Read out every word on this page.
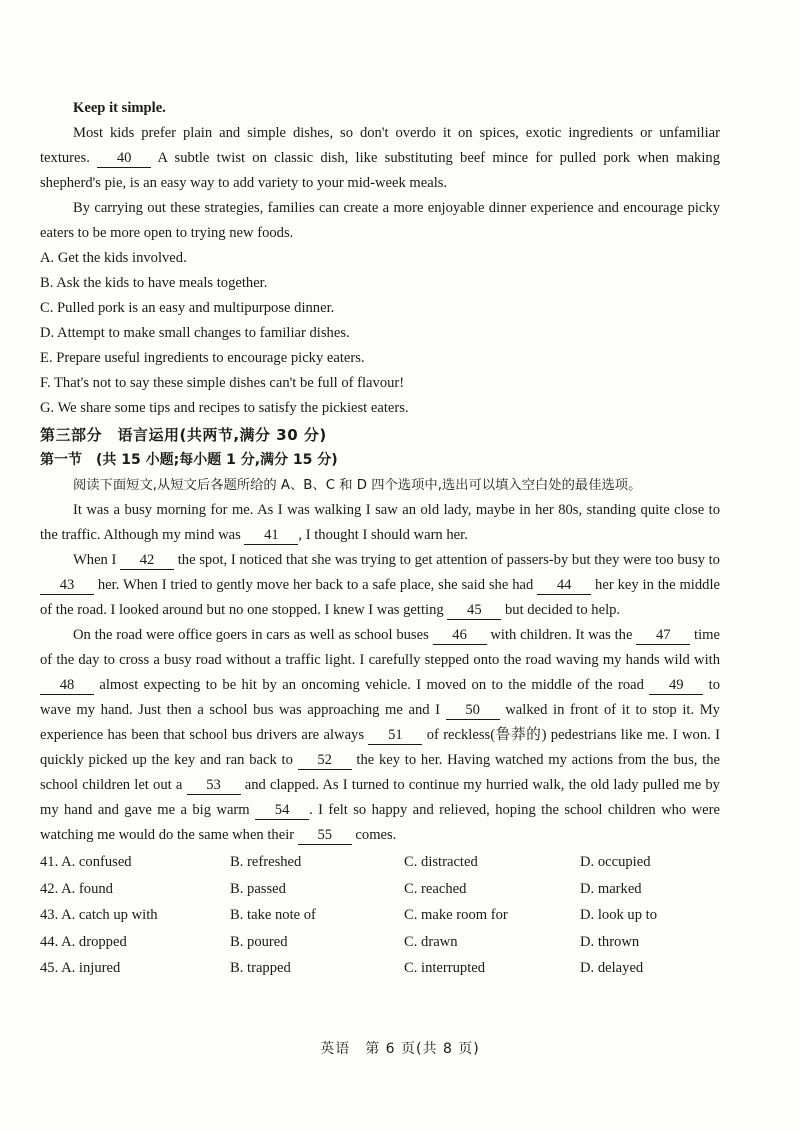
Keep it simple.

Most kids prefer plain and simple dishes, so don't overdo it on spices, exotic ingredients or unfamiliar textures. 40 A subtle twist on classic dish, like substituting beef mince for pulled pork when making shepherd's pie, is an easy way to add variety to your mid-week meals.

By carrying out these strategies, families can create a more enjoyable dinner experience and encourage picky eaters to be more open to trying new foods.

A. Get the kids involved.

B. Ask the kids to have meals together.

C. Pulled pork is an easy and multipurpose dinner.

D. Attempt to make small changes to familiar dishes.

E. Prepare useful ingredients to encourage picky eaters.

F. That's not to say these simple dishes can't be full of flavour!

G. We share some tips and recipes to satisfy the pickiest eaters.

第三部分　语言运用(共两节,满分 30 分)

第一节　(共 15 小题;每小题 1 分,满分 15 分)

阅读下面短文,从短文后各题所给的 A、B、C 和 D 四个选项中,选出可以填入空白处的最佳选项。

It was a busy morning for me. As I was walking I saw an old lady, maybe in her 80s, standing quite close to the traffic. Although my mind was 41 , I thought I should warn her.

When I 42 the spot, I noticed that she was trying to get attention of passers-by but they were too busy to 43 her. When I tried to gently move her back to a safe place, she said she had 44 her key in the middle of the road. I looked around but no one stopped. I knew I was getting 45 but decided to help.

On the road were office goers in cars as well as school buses 46 with children. It was the 47 time of the day to cross a busy road without a traffic light. I carefully stepped onto the road waving my hands wild with 48 almost expecting to be hit by an oncoming vehicle. I moved on to the middle of the road 49 to wave my hand. Just then a school bus was approaching me and I 50 walked in front of it to stop it. My experience has been that school bus drivers are always 51 of reckless(鲁莽的) pedestrians like me. I won. I quickly picked up the key and ran back to 52 the key to her. Having watched my actions from the bus, the school children let out a 53 and clapped. As I turned to continue my hurried walk, the old lady pulled me by my hand and gave me a big warm 54 . I felt so happy and relieved, hoping the school children who were watching me would do the same when their 55 comes.

41. A. confused	B. refreshed	C. distracted	D. occupied
42. A. found	B. passed	C. reached	D. marked
43. A. catch up with	B. take note of	C. make room for	D. look up to
44. A. dropped	B. poured	C. drawn	D. thrown
45. A. injured	B. trapped	C. interrupted	D. delayed
英语　第 6 页(共 8 页)
